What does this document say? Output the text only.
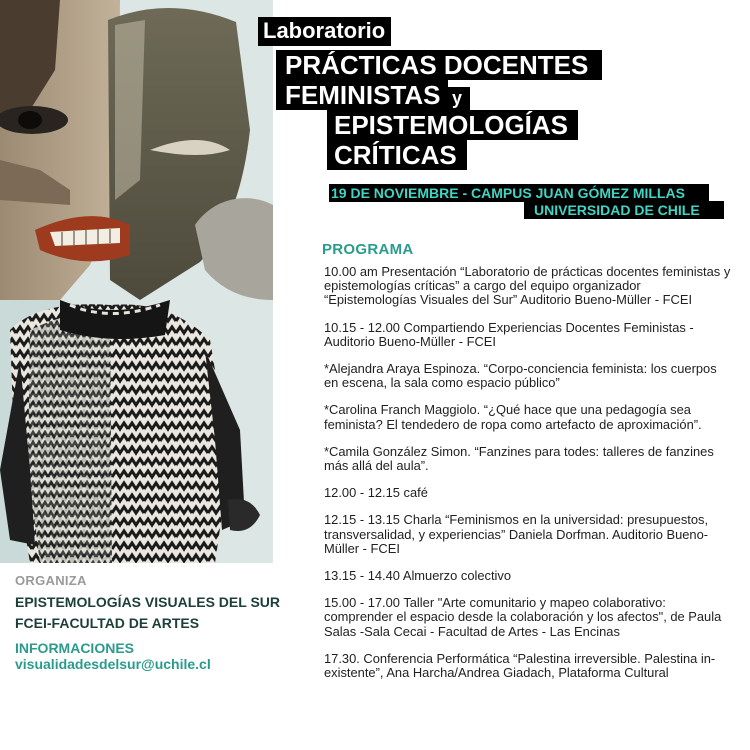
Laboratorio
PRÁCTICAS DOCENTES
FEMINISTAS y
EPISTEMOLOGÍAS
CRÍTICAS
19 DE NOVIEMBRE - CAMPUS JUAN GÓMEZ MILLAS
UNIVERSIDAD DE CHILE
PROGRAMA

10.00 am Presentación “Laboratorio de prácticas docentes feministas y epistemologías críticas” a cargo del equipo organizador “Epistemologías Visuales del Sur” Auditorio Bueno-Müller - FCEI

10.15 - 12.00 Compartiendo Experiencias Docentes Feministas - Auditorio Bueno-Müller - FCEI

*Alejandra Araya Espinoza. “Corpo-conciencia feminista: los cuerpos en escena, la sala como espacio público”

*Carolina Franch Maggiolo. “¿Qué hace que una pedagogía sea feminista? El tendedero de ropa como artefacto de aproximación”.

*Camila González Simon. “Fanzines para todes: talleres de fanzines más allá del aula”.

12.00 - 12.15 café

12.15 - 13.15 Charla “Feminismos en la universidad: presupuestos, transversalidad, y experiencias” Daniela Dorfman. Auditorio Bueno-Müller - FCEI

13.15 - 14.40 Almuerzo colectivo

15.00 - 17.00 Taller "Arte comunitario y mapeo colaborativo: comprender el espacio desde la colaboración y los afectos", de Paula Salas -Sala Cecai - Facultad de Artes - Las Encinas

17.30. Conferencia Performática “Palestina irreversible. Palestina in-existente”, Ana Harcha/Andrea Giadach, Plataforma Cultural

ORGANIZA
EPISTEMOLOGÍAS VISUALES DEL SUR
FCEI-FACULTAD DE ARTES
INFORMACIONES
visualidadesdelsur@uchile.cl
